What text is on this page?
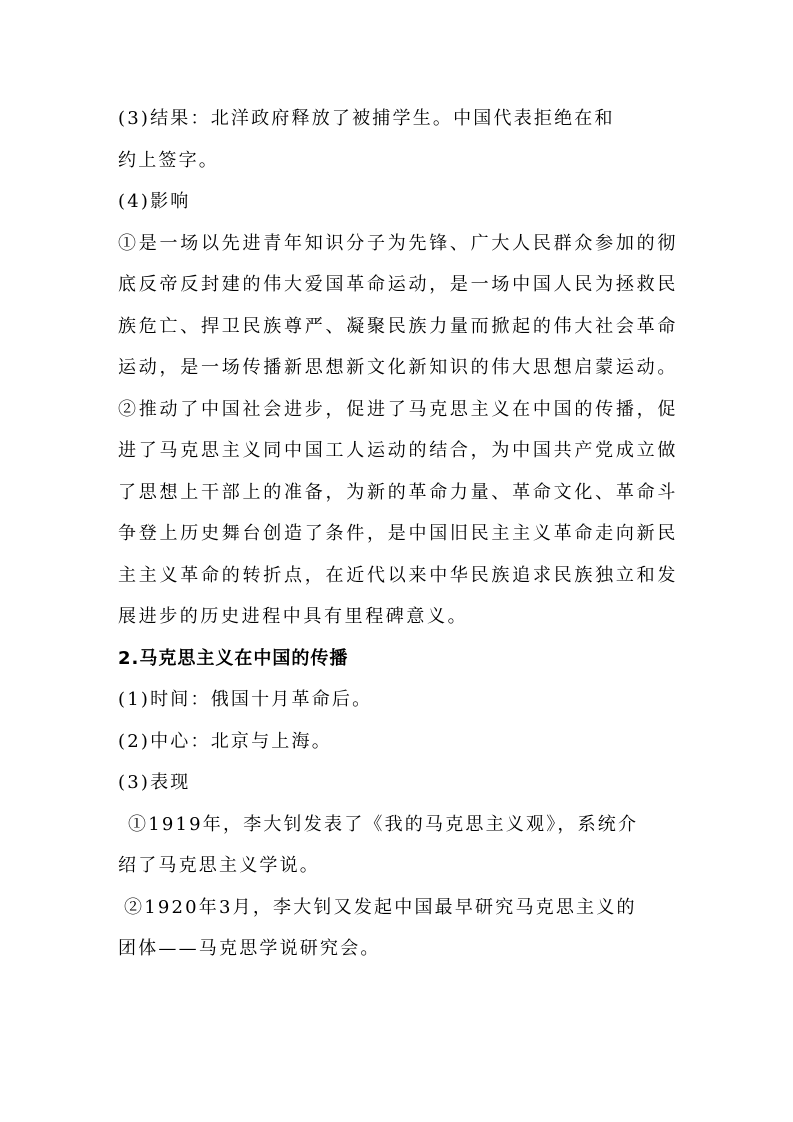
(3)结果：北洋政府释放了被捕学生。中国代表拒绝在和
约上签字。
(4)影响
①是一场以先进青年知识分子为先锋、广大人民群众参加的彻底反帝反封建的伟大爱国革命运动，是一场中国人民为拯救民族危亡、捍卫民族尊严、凝聚民族力量而掀起的伟大社会革命运动，是一场传播新思想新文化新知识的伟大思想启蒙运动。②推动了中国社会进步，促进了马克思主义在中国的传播，促进了马克思主义同中国工人运动的结合，为中国共产党成立做了思想上干部上的准备，为新的革命力量、革命文化、革命斗争登上历史舞台创造了条件，是中国旧民主主义革命走向新民主主义革命的转折点，在近代以来中华民族追求民族独立和发展进步的历史进程中具有里程碑意义。
2.马克思主义在中国的传播
(1)时间：俄国十月革命后。
(2)中心：北京与上海。
(3)表现
①1919年，李大钊发表了《我的马克思主义观》，系统介
绍了马克思主义学说。
②1920年3月，李大钊又发起中国最早研究马克思主义的
团体——马克思学说研究会。
